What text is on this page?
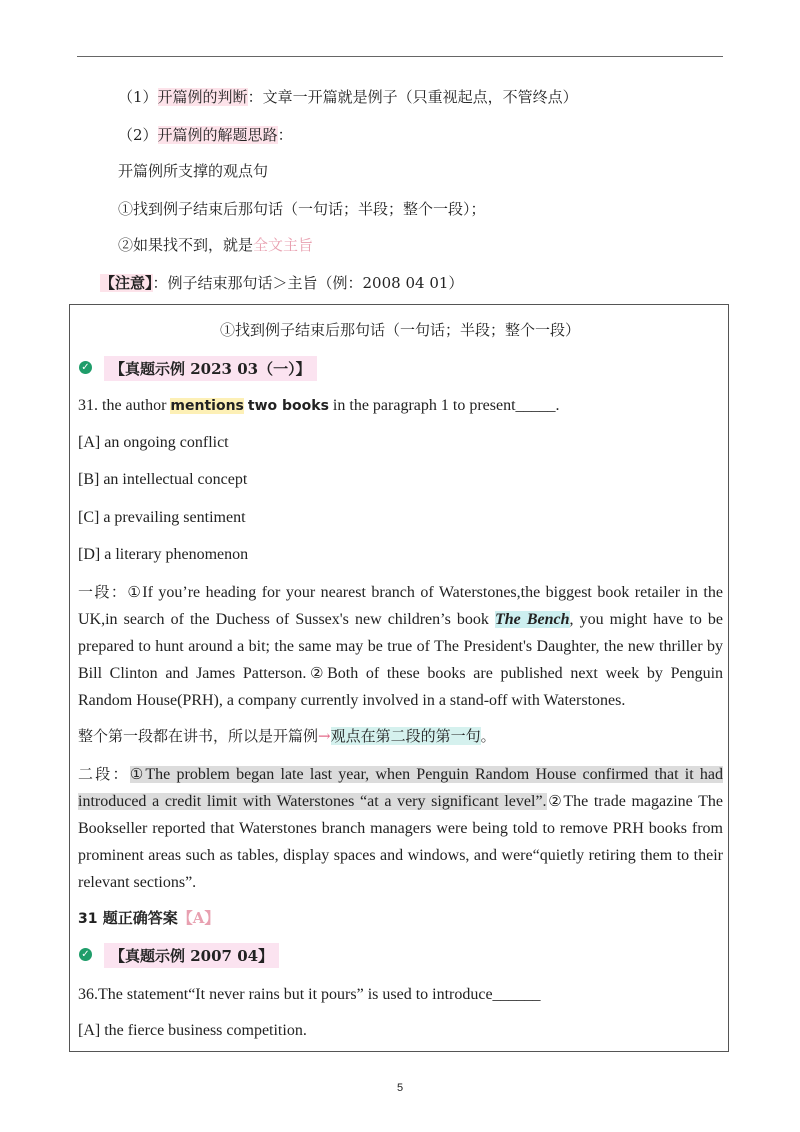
（1）开篇例的判断：文章一开篇就是例子（只重视起点，不管终点）
（2）开篇例的解题思路：
开篇例所支撑的观点句
①找到例子结束后那句话（一句话；半段；整个一段）；
②如果找不到，就是全文主旨
【注意】：例子结束那句话＞主旨（例：2008 04 01）
①找到例子结束后那句话（一句话；半段；整个一段）
✓	【真题示例 2023 03（一）】
31. the author mentions two books in the paragraph 1 to present_____.
[A] an ongoing conflict
[B] an intellectual concept
[C] a prevailing sentiment
[D] a literary phenomenon
一段：①If you’re heading for your nearest branch of Waterstones,the biggest book retailer in the UK,in search of the Duchess of Sussex's new children’s book The Bench, you might have to be prepared to hunt around a bit; the same may be true of The President's Daughter, the new thriller by Bill Clinton and James Patterson.②Both of these books are published next week by Penguin Random House(PRH), a company currently involved in a stand-off with Waterstones.
整个第一段都在讲书，所以是开篇例→观点在第二段的第一句。
二段：①The problem began late last year, when Penguin Random House confirmed that it had introduced a credit limit with Waterstones “at a very significant level”.②The trade magazine The Bookseller reported that Waterstones branch managers were being told to remove PRH books from prominent areas such as tables, display spaces and windows, and were“quietly retiring them to their relevant sections”.
31 题正确答案【A】
✓	【真题示例 2007 04】
36.The statement“It never rains but it pours” is used to introduce______
[A] the fierce business competition.
5
